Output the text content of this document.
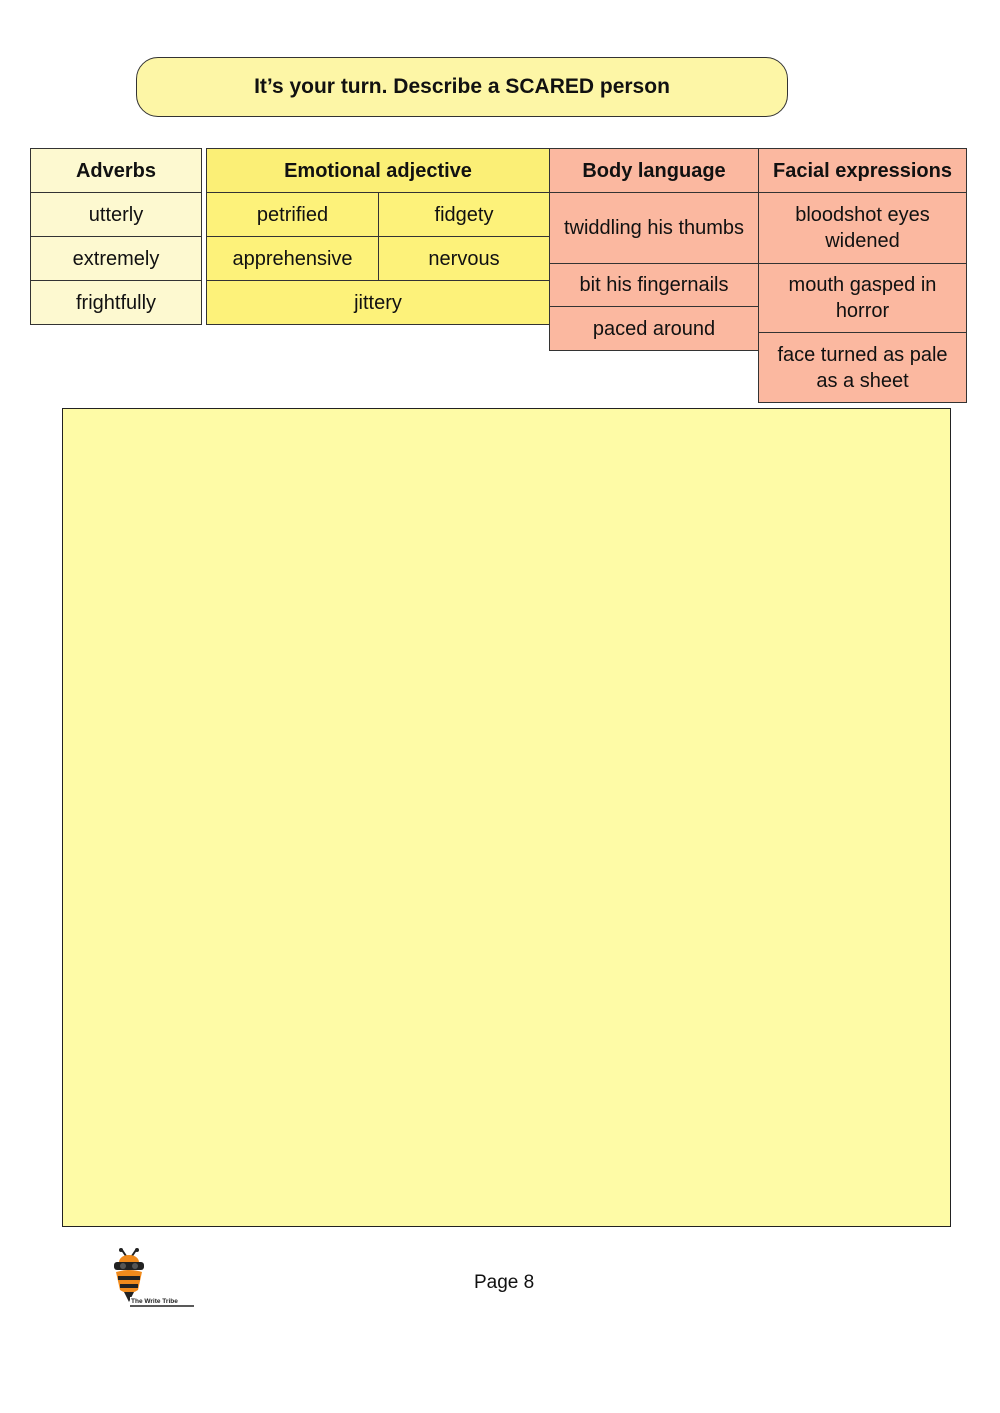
It’s your turn. Describe a SCARED person
Adverbs
utterly
extremely
frightfully
Emotional adjective
petrified	fidgety
apprehensive	nervous
jittery
Body language
twiddling his thumbs
bit his fingernails
paced around
Facial expressions
bloodshot eyes widened
mouth gasped in horror
face turned as pale as a sheet
The Write Tribe
Page 8
